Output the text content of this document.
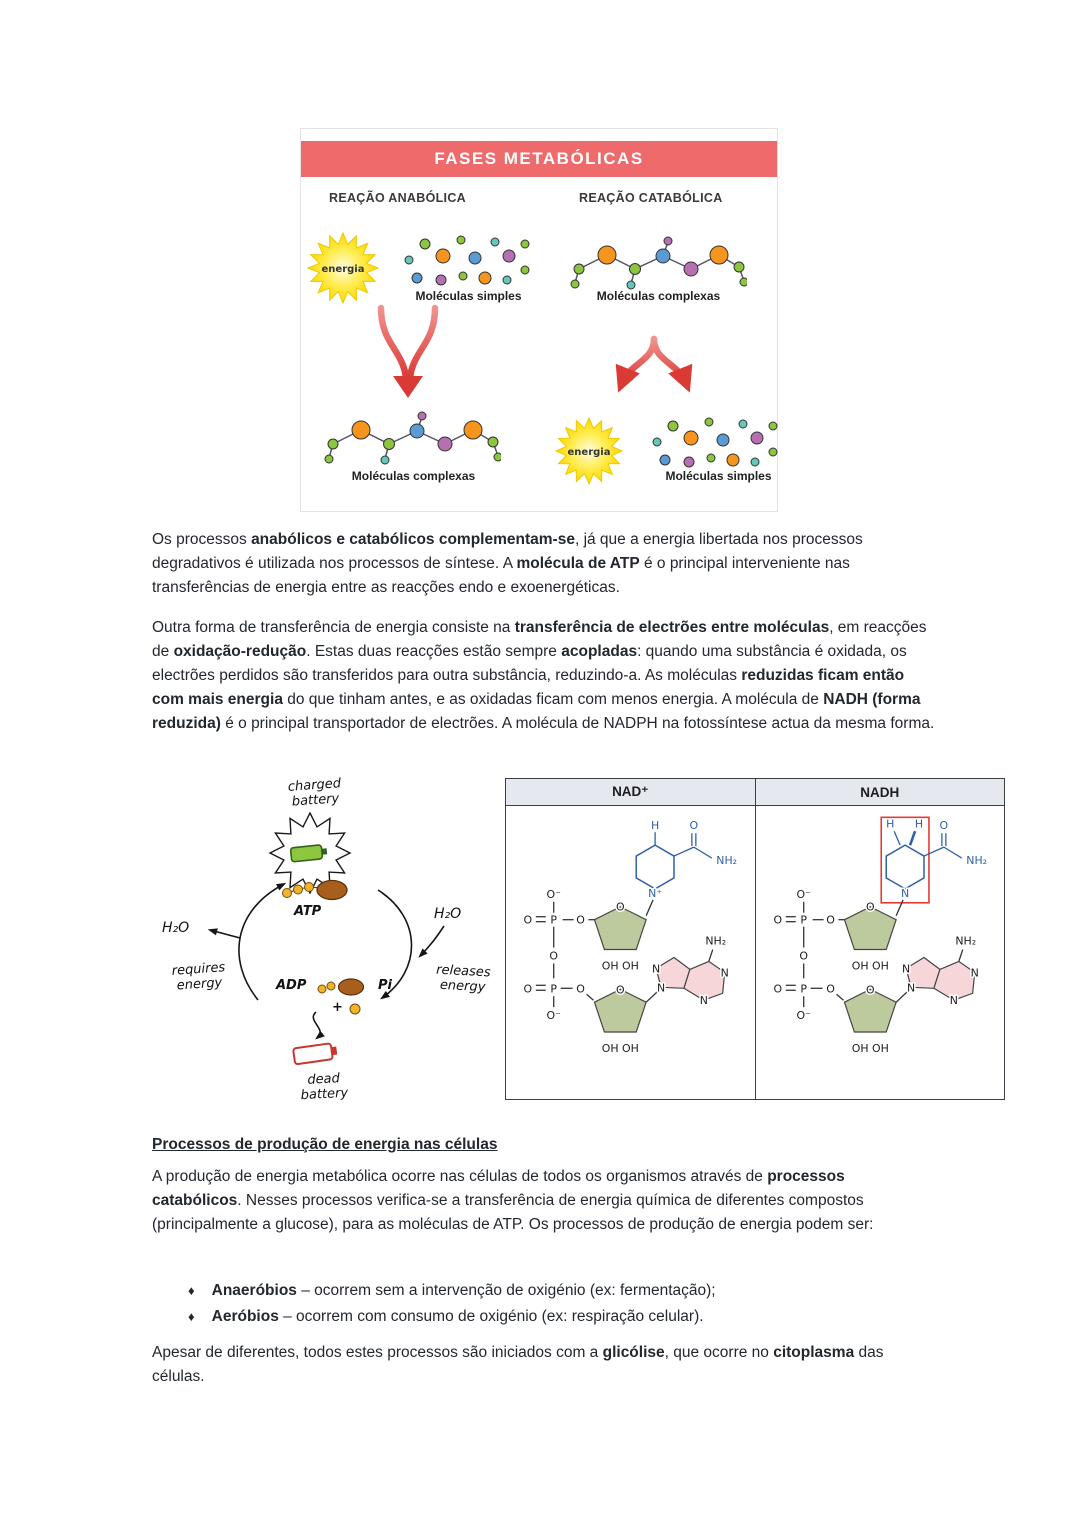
FASES METABÓLICAS
REAÇÃO ANABÓLICA	REAÇÃO CATABÓLICA
energia
Moléculas simples
Moléculas complexas
Moléculas complexas
energia
Moléculas simples

Os processos anabólicos e catabólicos complementam-se, já que a energia libertada nos processos degradativos é utilizada nos processos de síntese. A molécula de ATP é o principal interveniente nas transferências de energia entre as reacções endo e exoenergéticas.

Outra forma de transferência de energia consiste na transferência de electrões entre moléculas, em reacções de oxidação-redução. Estas duas reacções estão sempre acopladas: quando uma substância é oxidada, os electrões perdidos são transferidos para outra substância, reduzindo-a. As moléculas reduzidas ficam então com mais energia do que tinham antes, e as oxidadas ficam com menos energia. A molécula de NADH (forma reduzida) é o principal transportador de electrões. A molécula de NADPH na fotossíntese actua da mesma forma.

charged
battery
ATP
H₂O
requires
energy	ADP	Pi
+
dead
battery
H₂O
releases
energy
NAD⁺
H	O
NH₂
N⁺
O
OH OH
O
P
O⁻
O
O
P
O
O⁻
O	O
OH OH
NH₂
N
N
N
N
NADH
H H O
NH₂
N
O
OH OH
O
P
O⁻
O
O
P
O
O⁻
O	O
OH OH
NH₂
N
N
N
N
Processos de produção de energia nas células

A produção de energia metabólica ocorre nas células de todos os organismos através de processos catabólicos. Nesses processos verifica-se a transferência de energia química de diferentes compostos (principalmente a glucose), para as moléculas de ATP. Os processos de produção de energia podem ser:

♦ Anaeróbios – ocorrem sem a intervenção de oxigénio (ex: fermentação);
♦ Aeróbios – ocorrem com consumo de oxigénio (ex: respiração celular).

Apesar de diferentes, todos estes processos são iniciados com a glicólise, que ocorre no citoplasma das células.
